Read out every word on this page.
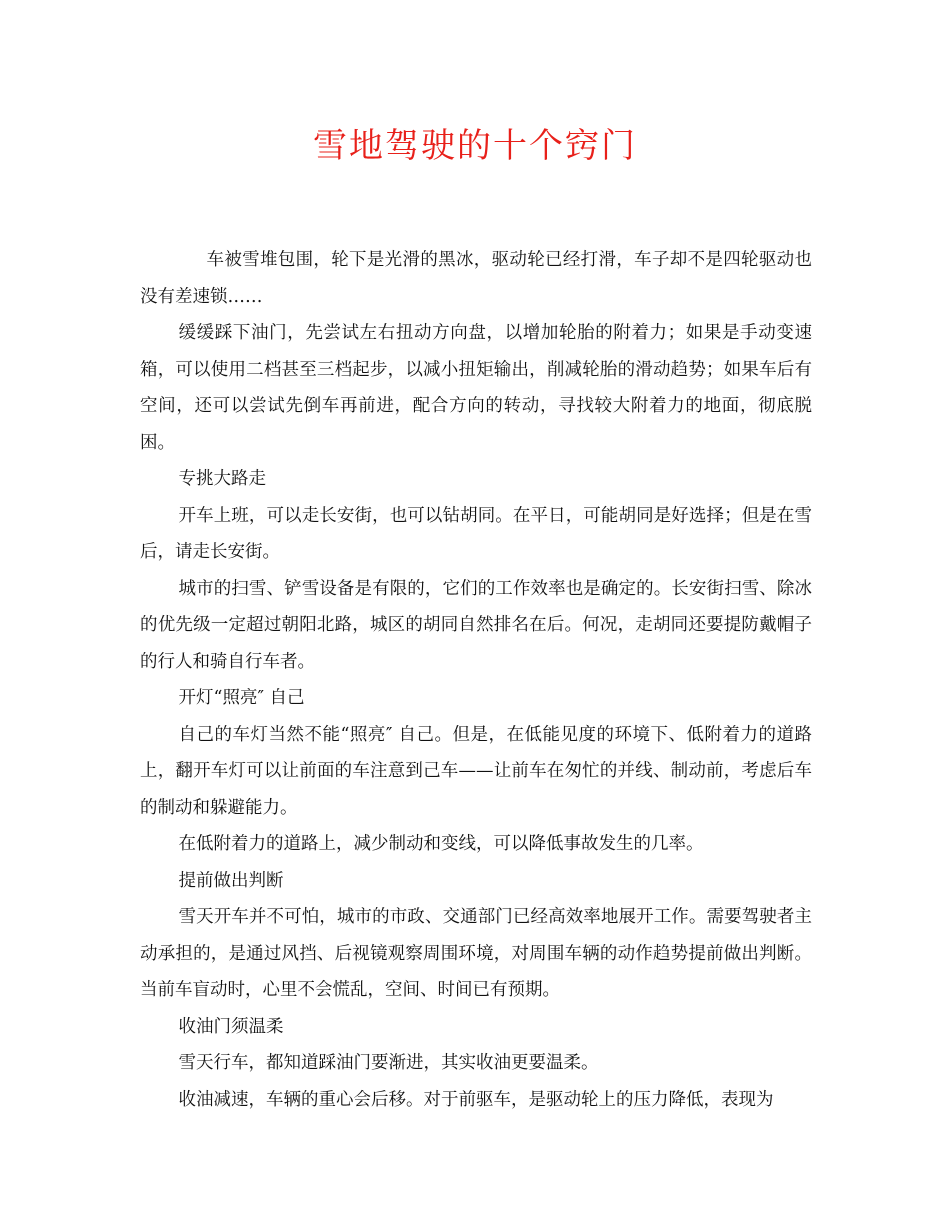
雪地驾驶的十个窍门

车被雪堆包围，轮下是光滑的黑冰，驱动轮已经打滑，车子却不是四轮驱动也没有差速锁……

缓缓踩下油门，先尝试左右扭动方向盘，以增加轮胎的附着力；如果是手动变速箱，可以使用二档甚至三档起步，以减小扭矩输出，削减轮胎的滑动趋势；如果车后有空间，还可以尝试先倒车再前进，配合方向的转动，寻找较大附着力的地面，彻底脱困。

专挑大路走

开车上班，可以走长安街，也可以钻胡同。在平日，可能胡同是好选择；但是在雪后，请走长安街。

城市的扫雪、铲雪设备是有限的，它们的工作效率也是确定的。长安街扫雪、除冰的优先级一定超过朝阳北路，城区的胡同自然排名在后。何况，走胡同还要提防戴帽子的行人和骑自行车者。

开灯“照亮″ 自己

自己的车灯当然不能“照亮″ 自己。但是，在低能见度的环境下、低附着力的道路上，翻开车灯可以让前面的车注意到己车——让前车在匆忙的并线、制动前，考虑后车的制动和躲避能力。

在低附着力的道路上，减少制动和变线，可以降低事故发生的几率。

提前做出判断

雪天开车并不可怕，城市的市政、交通部门已经高效率地展开工作。需要驾驶者主动承担的，是通过风挡、后视镜观察周围环境，对周围车辆的动作趋势提前做出判断。当前车盲动时，心里不会慌乱，空间、时间已有预期。

收油门须温柔

雪天行车，都知道踩油门要渐进，其实收油更要温柔。

收油减速，车辆的重心会后移。对于前驱车，是驱动轮上的压力降低，表现为
